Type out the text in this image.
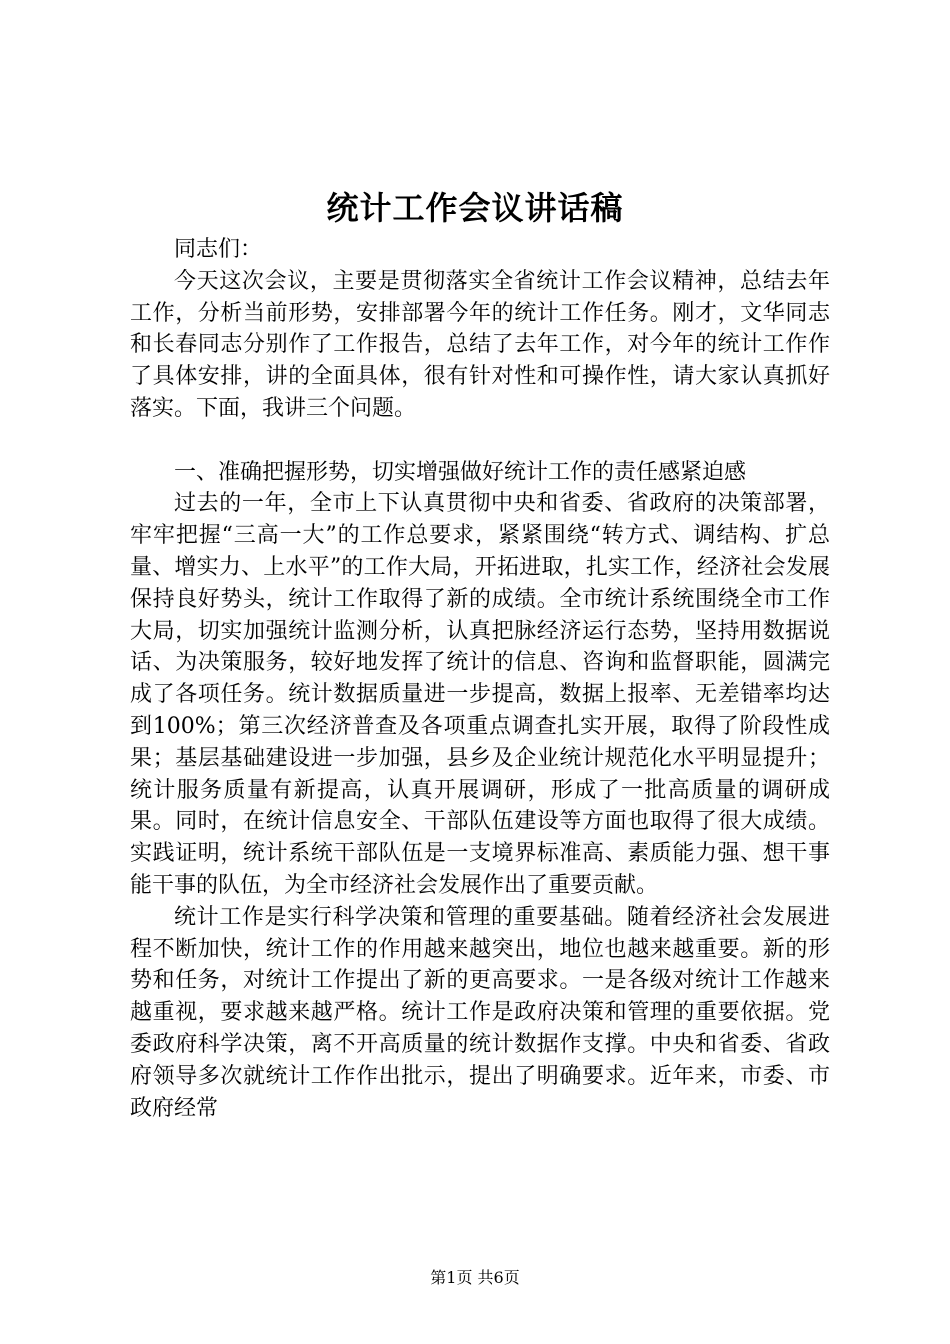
统计工作会议讲话稿

同志们：

今天这次会议，主要是贯彻落实全省统计工作会议精神，总结去年工作，分析当前形势，安排部署今年的统计工作任务。刚才，文华同志和长春同志分别作了工作报告，总结了去年工作，对今年的统计工作作了具体安排，讲的全面具体，很有针对性和可操作性，请大家认真抓好落实。下面，我讲三个问题。

一、准确把握形势，切实增强做好统计工作的责任感紧迫感

过去的一年，全市上下认真贯彻中央和省委、省政府的决策部署，牢牢把握“三高一大”的工作总要求，紧紧围绕“转方式、调结构、扩总量、增实力、上水平”的工作大局，开拓进取，扎实工作，经济社会发展保持良好势头，统计工作取得了新的成绩。全市统计系统围绕全市工作大局，切实加强统计监测分析，认真把脉经济运行态势，坚持用数据说话、为决策服务，较好地发挥了统计的信息、咨询和监督职能，圆满完成了各项任务。统计数据质量进一步提高，数据上报率、无差错率均达到100%；第三次经济普查及各项重点调查扎实开展，取得了阶段性成果；基层基础建设进一步加强，县乡及企业统计规范化水平明显提升；统计服务质量有新提高，认真开展调研，形成了一批高质量的调研成果。同时，在统计信息安全、干部队伍建设等方面也取得了很大成绩。实践证明，统计系统干部队伍是一支境界标准高、素质能力强、想干事能干事的队伍，为全市经济社会发展作出了重要贡献。

统计工作是实行科学决策和管理的重要基础。随着经济社会发展进程不断加快，统计工作的作用越来越突出，地位也越来越重要。新的形势和任务，对统计工作提出了新的更高要求。一是各级对统计工作越来越重视，要求越来越严格。统计工作是政府决策和管理的重要依据。党委政府科学决策，离不开高质量的统计数据作支撑。中央和省委、省政府领导多次就统计工作作出批示，提出了明确要求。近年来，市委、市政府经常

第1页 共6页
